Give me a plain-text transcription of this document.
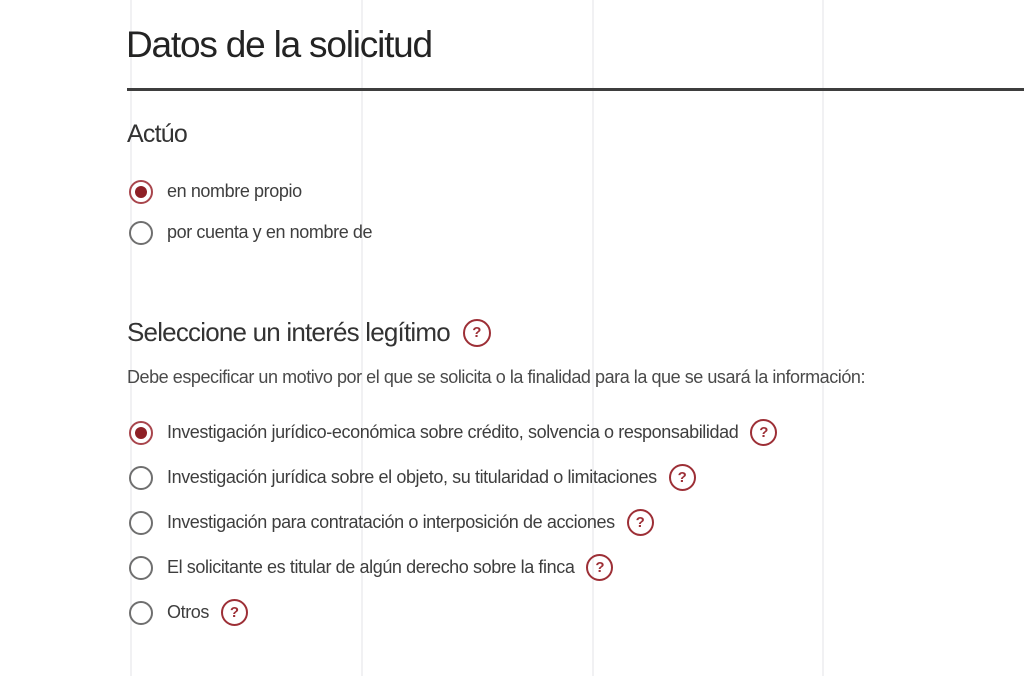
Datos de la solicitud
Actúo
en nombre propio
por cuenta y en nombre de
Seleccione un interés legítimo	?

Debe especificar un motivo por el que se solicita o la finalidad para la que se usará la información:

Investigación jurídico-económica sobre crédito, solvencia o responsabilidad	?
Investigación jurídica sobre el objeto, su titularidad o limitaciones	?
Investigación para contratación o interposición de acciones	?
El solicitante es titular de algún derecho sobre la finca	?
Otros	?
